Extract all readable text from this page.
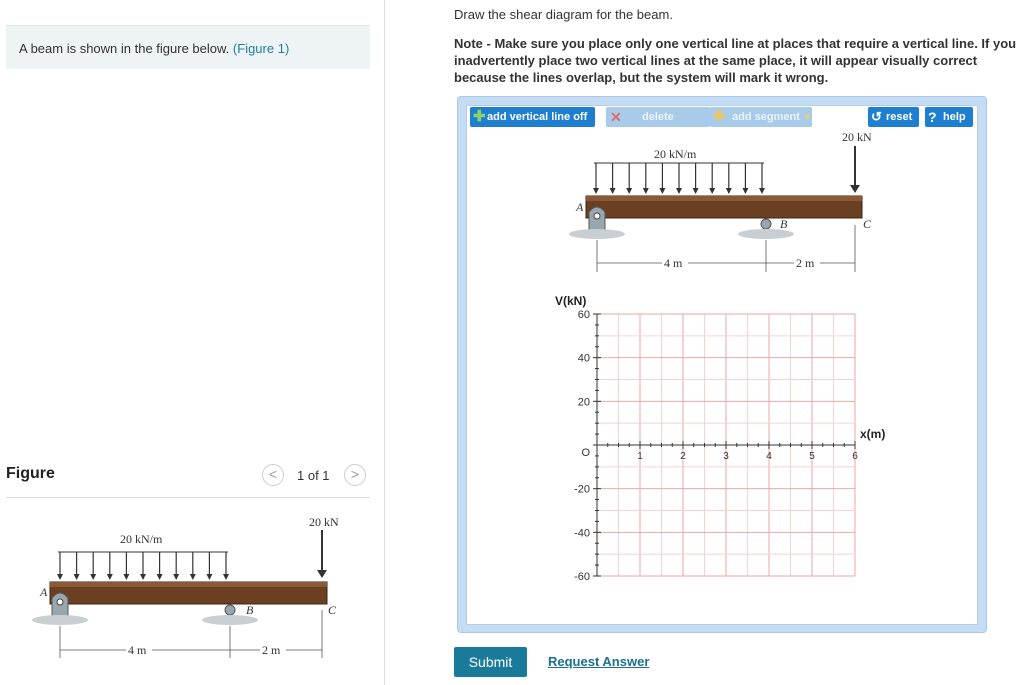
A beam is shown in the figure below. (Figure 1)
Figure	<	1 of 1	>
20 kN/m
20 kN
A
B	C
4 m	2 m
Draw the shear diagram for the beam.
Note - Make sure you place only one vertical line at places that require a vertical line. If you inadvertently place two vertical lines at the same place, it will appear visually correct because the lines overlap, but the system will mark it wrong.
✚ add vertical line off	✕ delete	✚ add segment ▼	↺ reset	? help
20 kN/m
20 kN
A
B	C
4 m	2 m
60
40
20
O
-20
-40
-60
1	2	3	4	5	6
V(kN)
x(m)
Submit	Request Answer
